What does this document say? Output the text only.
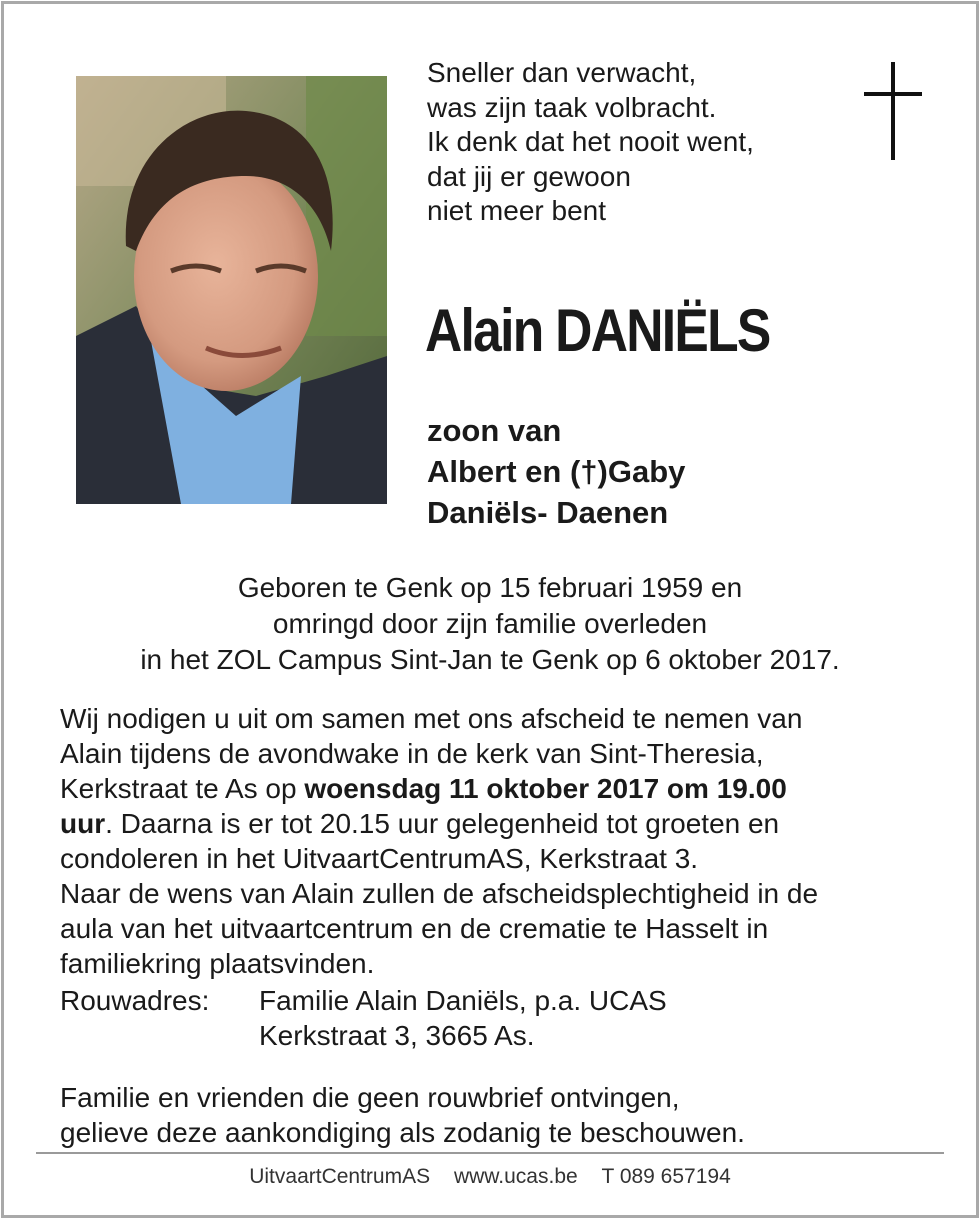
Sneller dan verwacht,
was zijn taak volbracht.
Ik denk dat het nooit went,
dat jij er gewoon
niet meer bent
Alain DANIËLS
zoon van
Albert en (†)Gaby
Daniëls- Daenen
Geboren te Genk op 15 februari 1959 en
omringd door zijn familie overleden
in het ZOL Campus Sint-Jan te Genk op 6 oktober 2017.
Wij nodigen u uit om samen met ons afscheid te nemen van
Alain tijdens de avondwake in de kerk van Sint-Theresia,
Kerkstraat te As op woensdag 11 oktober 2017 om 19.00
uur. Daarna is er tot 20.15 uur gelegenheid tot groeten en
condoleren in het UitvaartCentrumAS, Kerkstraat 3.
Naar de wens van Alain zullen de afscheidsplechtigheid in de
aula van het uitvaartcentrum en de crematie te Hasselt in
familiekring plaatsvinden.
Rouwadres:	Familie Alain Daniëls, p.a. UCAS
Kerkstraat 3, 3665 As.
Familie en vrienden die geen rouwbrief ontvingen,
gelieve deze aankondiging als zodanig te beschouwen.
UitvaartCentrumAS www.ucas.be T 089 657194
